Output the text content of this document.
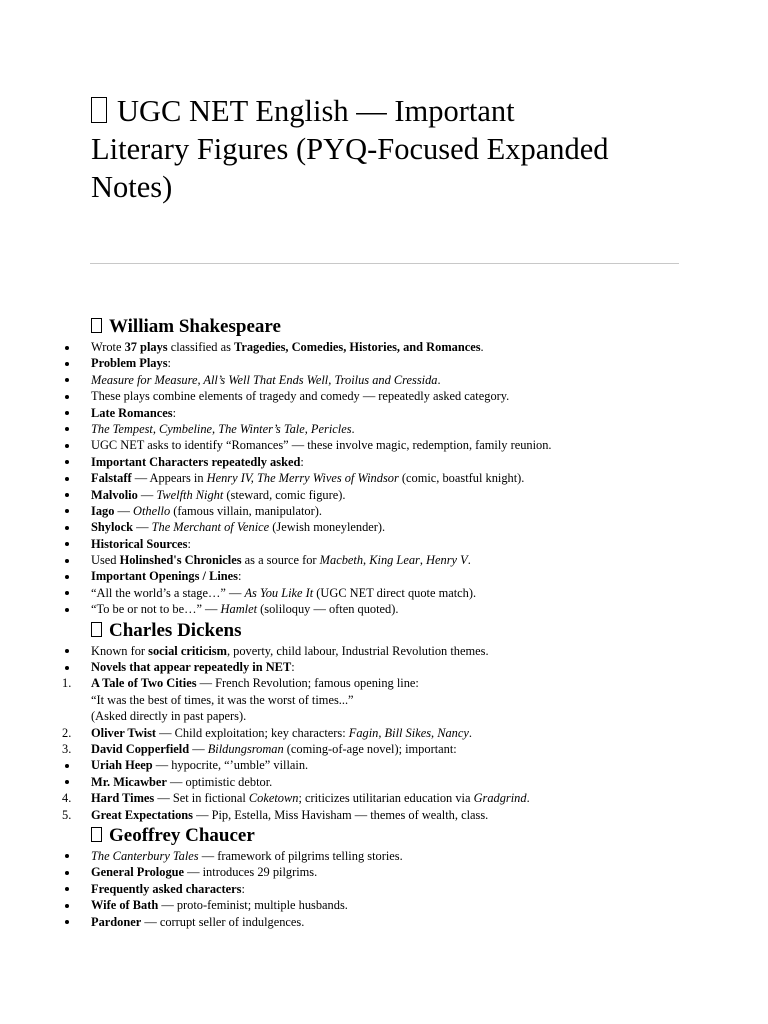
UGC NET English — Important
Literary Figures (PYQ-Focused Expanded
Notes)
William Shakespeare
Wrote 37 plays classified as Tragedies, Comedies, Histories, and Romances.
Problem Plays:
Measure for Measure, All’s Well That Ends Well, Troilus and Cressida.
These plays combine elements of tragedy and comedy — repeatedly asked category.
Late Romances:
The Tempest, Cymbeline, The Winter’s Tale, Pericles.
UGC NET asks to identify “Romances” — these involve magic, redemption, family reunion.
Important Characters repeatedly asked:
Falstaff — Appears in Henry IV, The Merry Wives of Windsor (comic, boastful knight).
Malvolio — Twelfth Night (steward, comic figure).
Iago — Othello (famous villain, manipulator).
Shylock — The Merchant of Venice (Jewish moneylender).
Historical Sources:
Used Holinshed's Chronicles as a source for Macbeth, King Lear, Henry V.
Important Openings / Lines:
“All the world’s a stage…” — As You Like It (UGC NET direct quote match).
“To be or not to be…” — Hamlet (soliloquy — often quoted).
Charles Dickens
Known for social criticism, poverty, child labour, Industrial Revolution themes.
Novels that appear repeatedly in NET:
1. A Tale of Two Cities — French Revolution; famous opening line:
“It was the best of times, it was the worst of times...”
(Asked directly in past papers).
2. Oliver Twist — Child exploitation; key characters: Fagin, Bill Sikes, Nancy.
3. David Copperfield — Bildungsroman (coming-of-age novel); important:
Uriah Heep — hypocrite, “’umble” villain.
Mr. Micawber — optimistic debtor.
4. Hard Times — Set in fictional Coketown; criticizes utilitarian education via Gradgrind.
5. Great Expectations — Pip, Estella, Miss Havisham — themes of wealth, class.
Geoffrey Chaucer
The Canterbury Tales — framework of pilgrims telling stories.
General Prologue — introduces 29 pilgrims.
Frequently asked characters:
Wife of Bath — proto-feminist; multiple husbands.
Pardoner — corrupt seller of indulgences.
